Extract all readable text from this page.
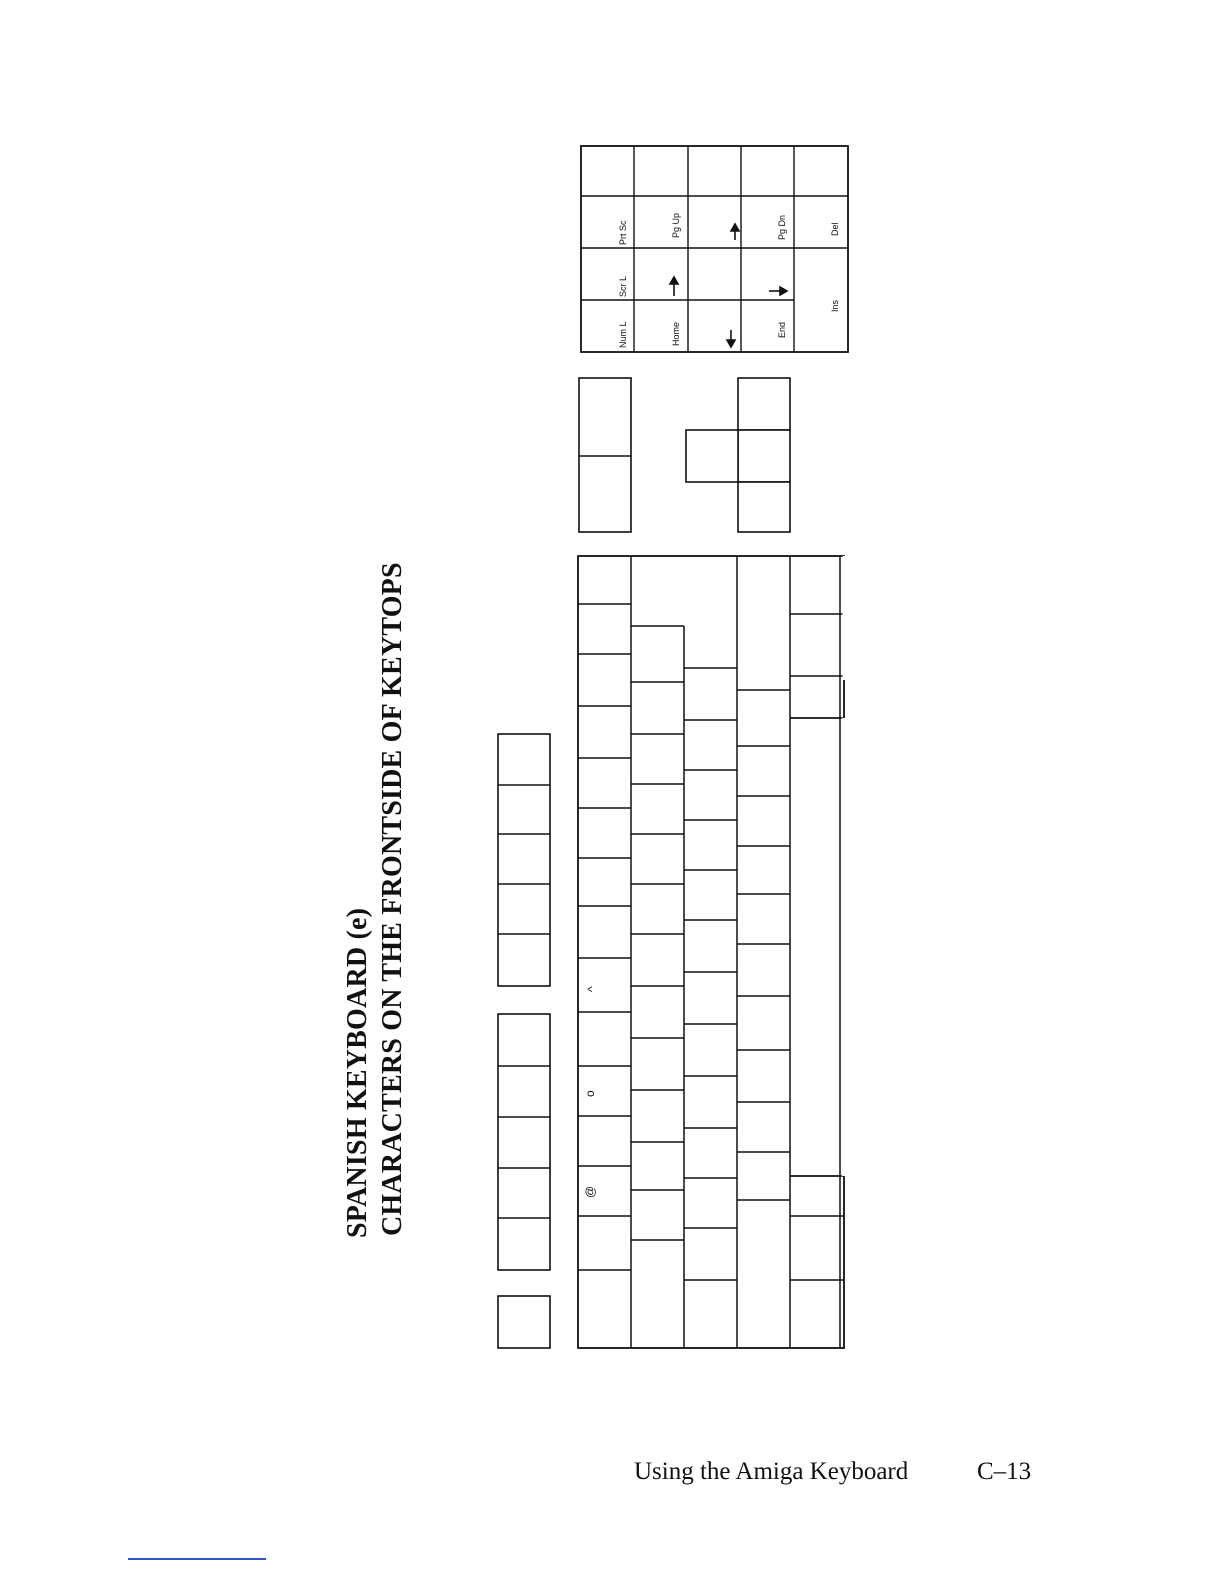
SPANISH KEYBOARD (e) CHARACTERS ON THE FRONTSIDE OF KEYTOPS	@
o
^
Num L
Scr L
Prt Sc
Home
Pg Up
End
Pg Dn
Ins
Del
Using the Amiga Keyboard	C–13
